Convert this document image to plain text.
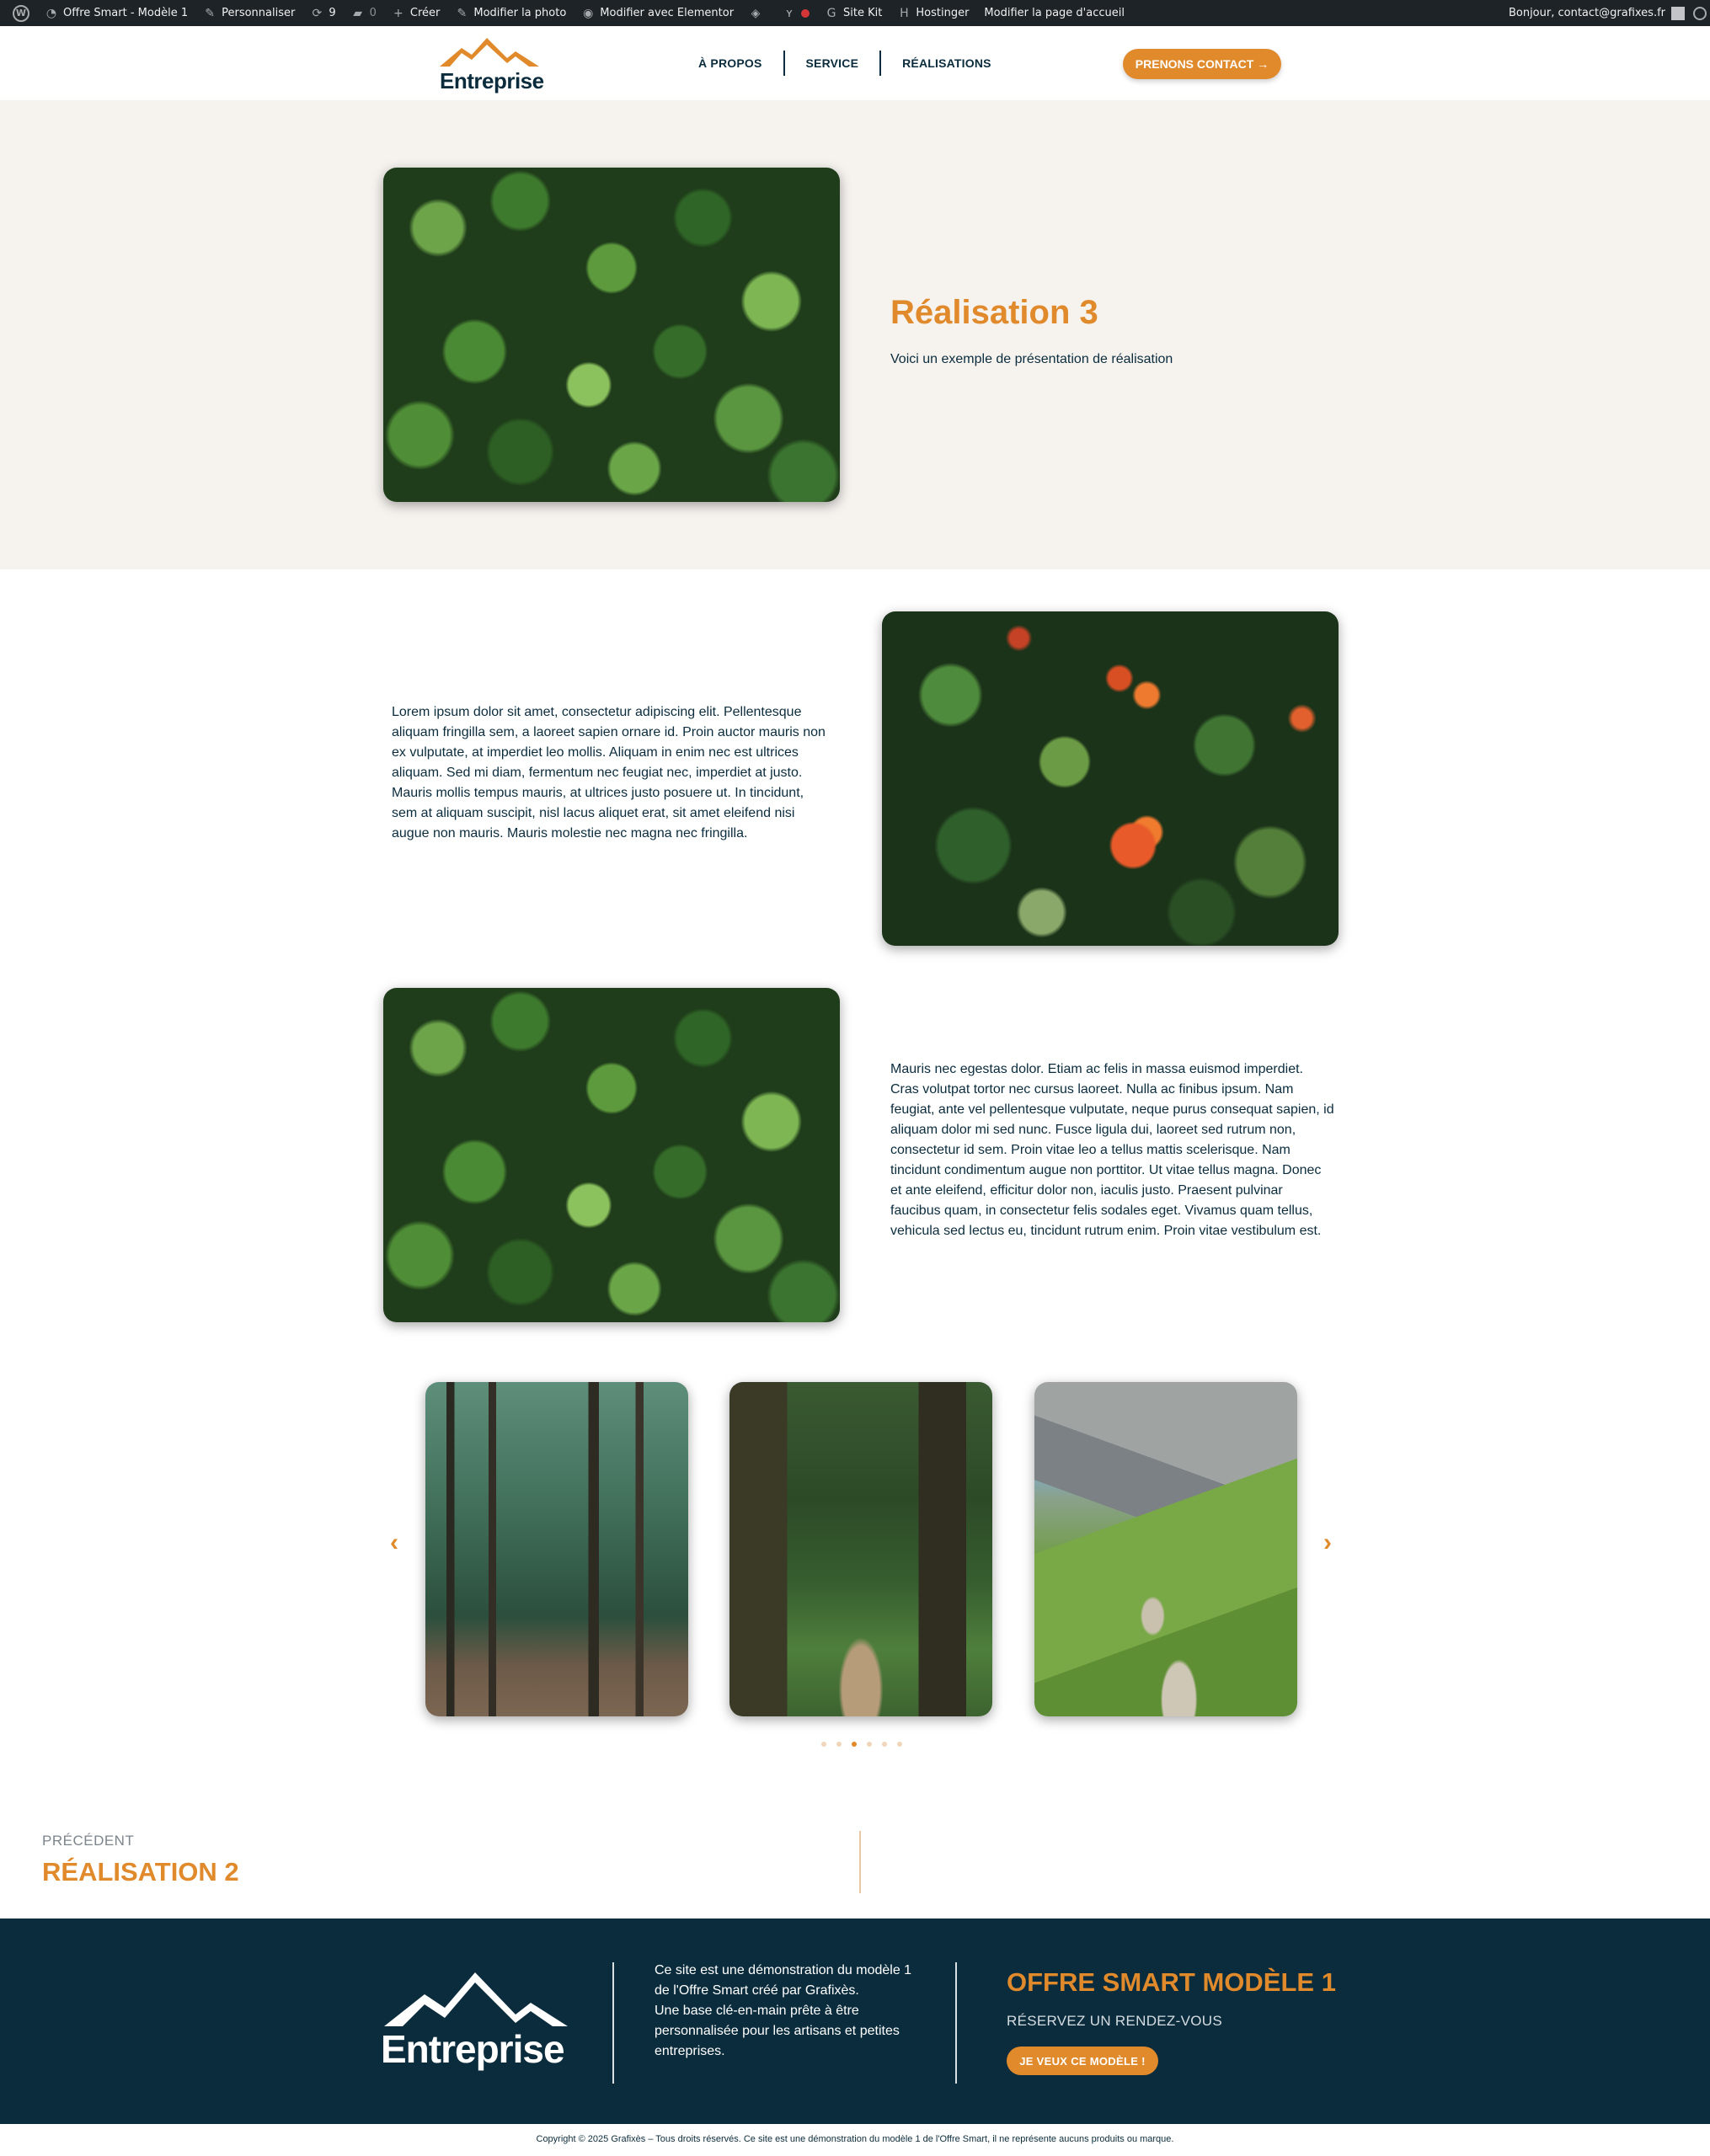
W ◔ Offre Smart - Modèle 1 ✎ Personnaliser ⟳ 9 ▰ 0 + Créer ✎ Modifier la photo ◉ Modifier avec Elementor ◈ ʏ	G Site Kit H Hostinger Modifier la page d'accueil	Bonjour, contact@grafixes.fr
Entreprise
À PROPOS	SERVICE	RÉALISATIONS	PRENONS CONTACT →
Réalisation 3

Voici un exemple de présentation de réalisation

Lorem ipsum dolor sit amet, consectetur adipiscing elit. Pellentesque aliquam fringilla sem, a laoreet sapien ornare id. Proin auctor mauris non ex vulputate, at imperdiet leo mollis. Aliquam in enim nec est ultrices aliquam. Sed mi diam, fermentum nec feugiat nec, imperdiet at justo. Mauris mollis tempus mauris, at ultrices justo posuere ut. In tincidunt, sem at aliquam suscipit, nisl lacus aliquet erat, sit amet eleifend nisi augue non mauris. Mauris molestie nec magna nec fringilla.

Mauris nec egestas dolor. Etiam ac felis in massa euismod imperdiet. Cras volutpat tortor nec cursus laoreet. Nulla ac finibus ipsum. Nam feugiat, ante vel pellentesque vulputate, neque purus consequat sapien, id aliquam dolor mi sed nunc. Fusce ligula dui, laoreet sed rutrum non, consectetur id sem. Proin vitae leo a tellus mattis scelerisque. Nam tincidunt condimentum augue non porttitor. Ut vitae tellus magna. Donec et ante eleifend, efficitur dolor non, iaculis justo. Praesent pulvinar faucibus quam, in consectetur felis sodales eget. Vivamus quam tellus, vehicula sed lectus eu, tincidunt rutrum enim. Proin vitae vestibulum est.

‹	›
PRÉCÉDENT
RÉALISATION 2
Entreprise
Ce site est une démonstration du modèle 1
de l'Offre Smart créé par Grafixès.
Une base clé-en-main prête à être
personnalisée pour les artisans et petites
entreprises.
OFFRE SMART MODÈLE 1
RÉSERVEZ UN RENDEZ-VOUS
JE VEUX CE MODÈLE !
Copyright © 2025 Grafixès – Tous droits réservés. Ce site est une démonstration du modèle 1 de l'Offre Smart, il ne représente aucuns produits ou marque.
